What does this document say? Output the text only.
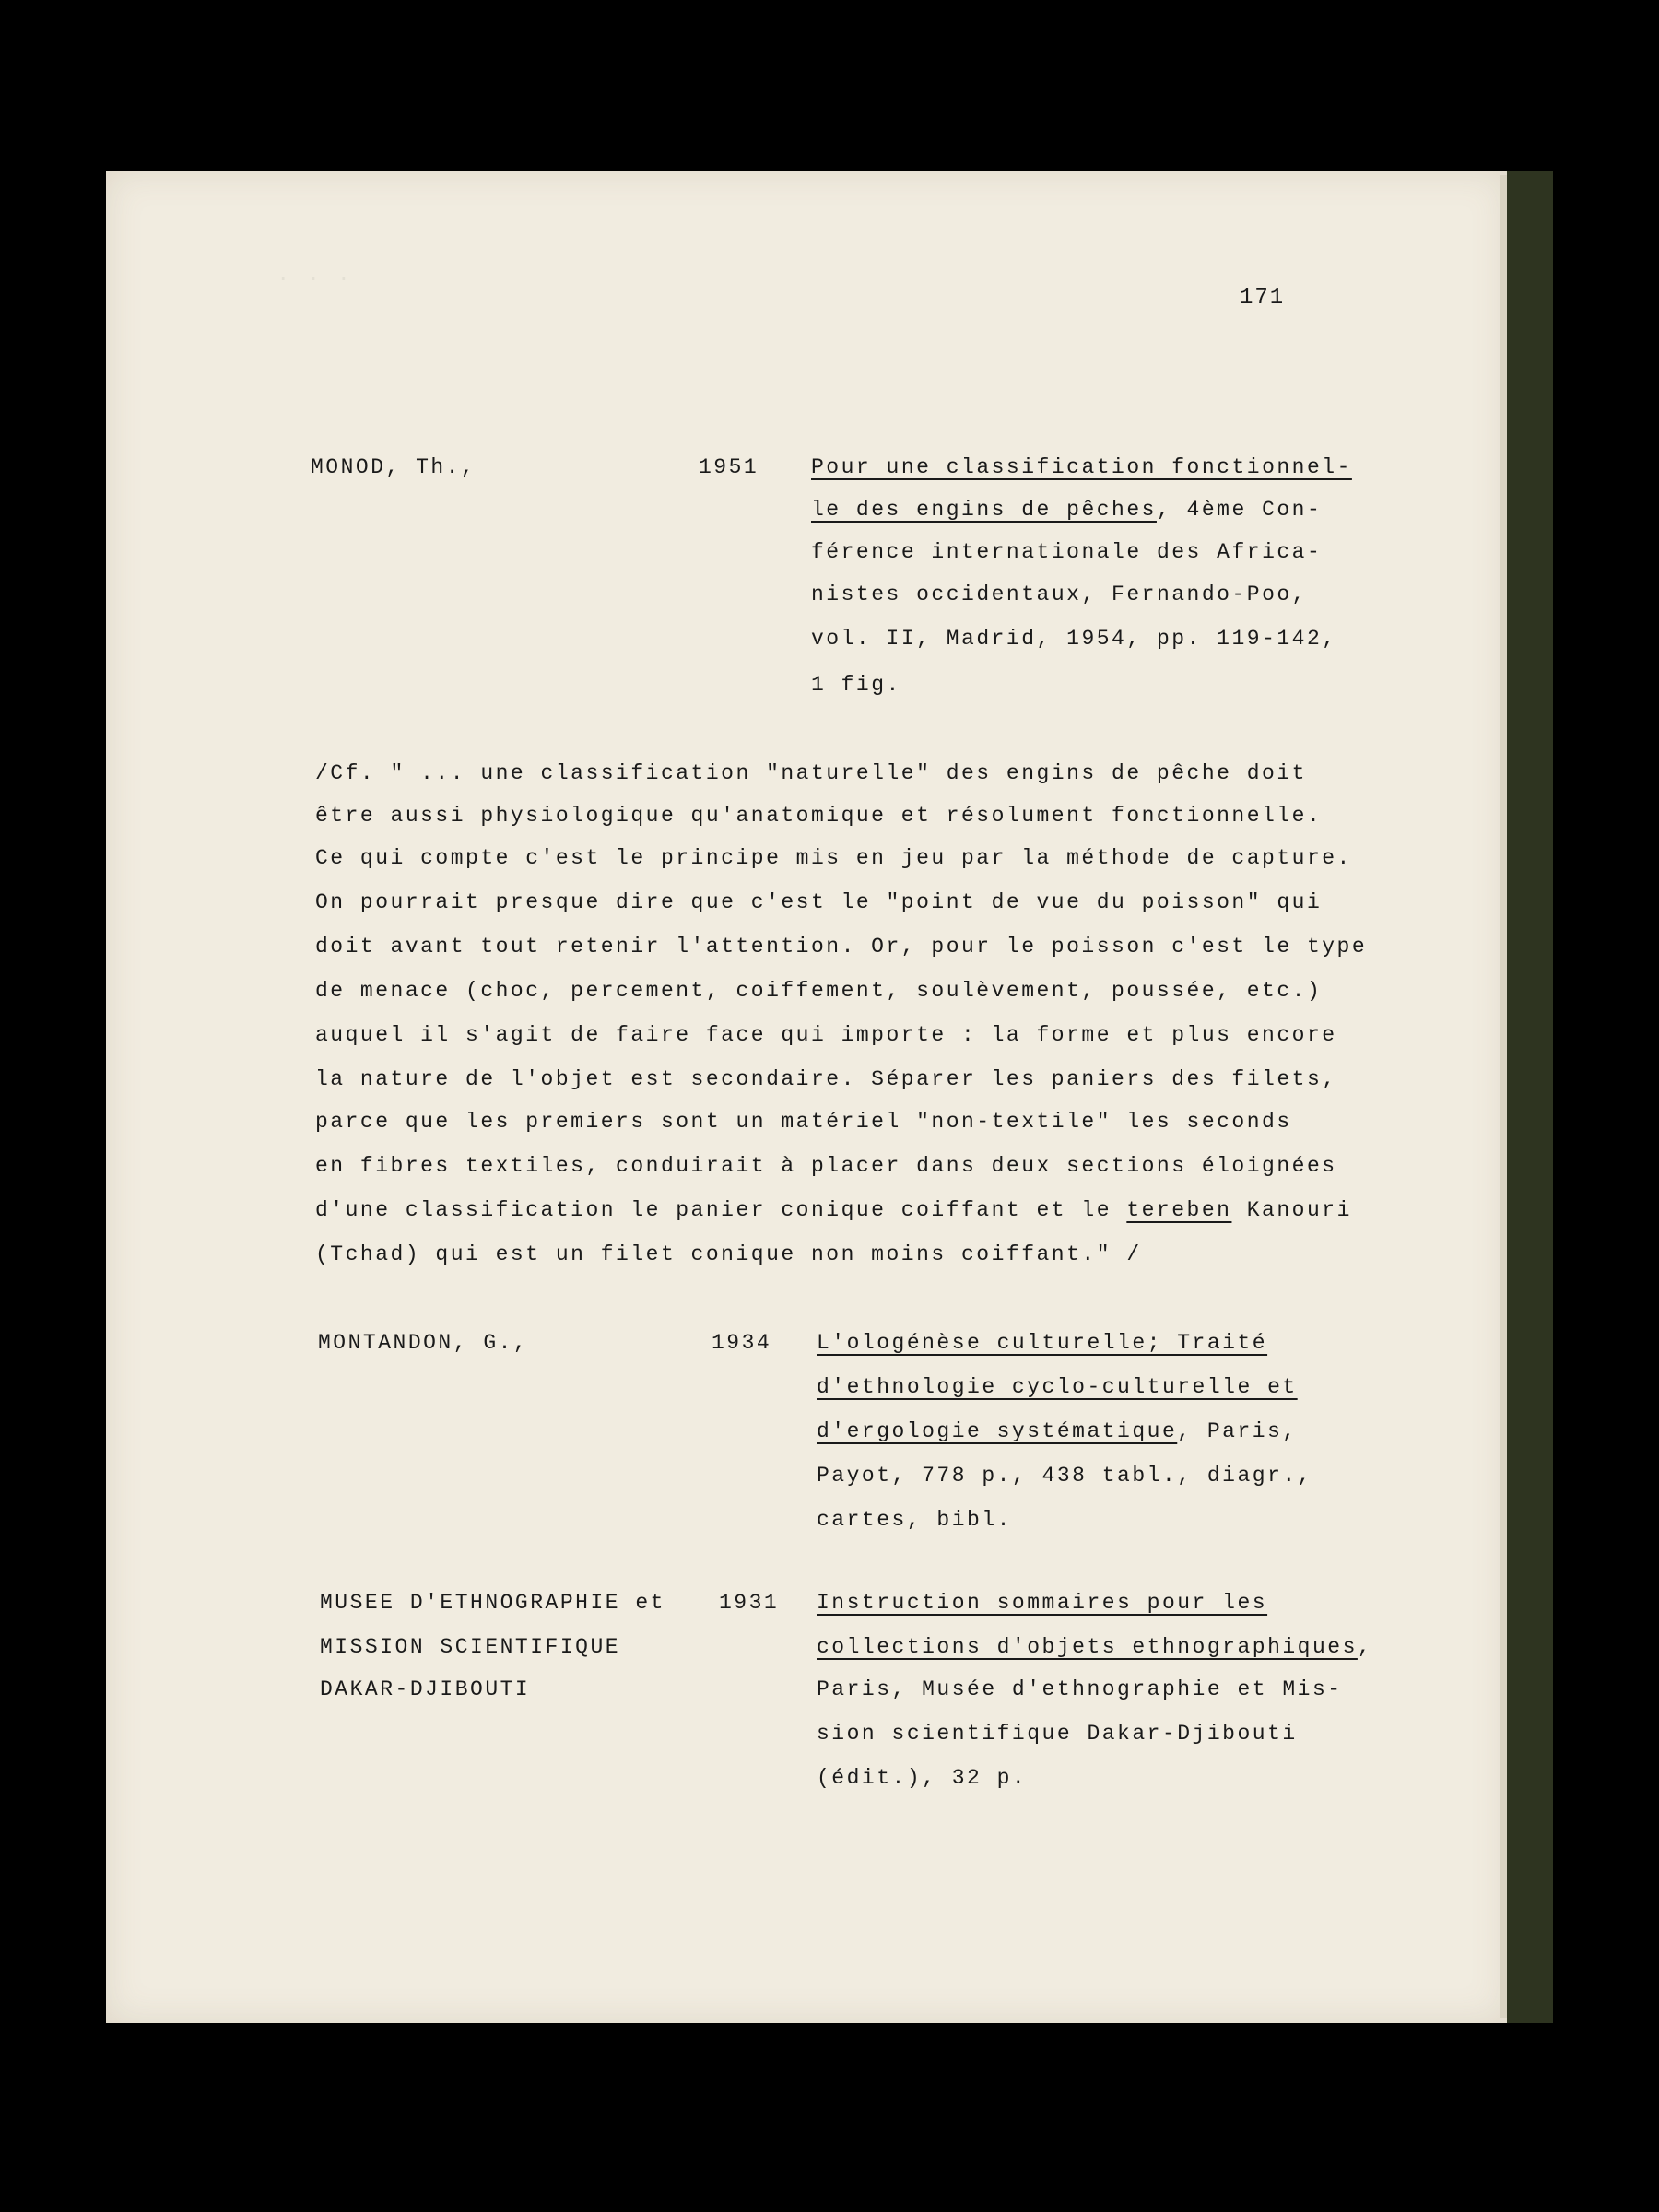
· · ·
171
MONOD, Th.,	1951 Pour une classification fonctionnel-
le des engins de pêches, 4ème Con-
férence internationale des Africa-
nistes occidentaux, Fernando-Poo,
vol. II, Madrid, 1954, pp. 119-142,
1 fig.
/Cf. " ... une classification "naturelle" des engins de pêche doit
être aussi physiologique qu'anatomique et résolument fonctionnelle.
Ce qui compte c'est le principe mis en jeu par la méthode de capture.
On pourrait presque dire que c'est le "point de vue du poisson" qui
doit avant tout retenir l'attention. Or, pour le poisson c'est le type
de menace (choc, percement, coiffement, soulèvement, poussée, etc.)
auquel il s'agit de faire face qui importe : la forme et plus encore
la nature de l'objet est secondaire. Séparer les paniers des filets,
parce que les premiers sont un matériel "non-textile" les seconds
en fibres textiles, conduirait à placer dans deux sections éloignées
d'une classification le panier conique coiffant et le tereben Kanouri
(Tchad) qui est un filet conique non moins coiffant." /
MONTANDON, G.,	1934 L'ologénèse culturelle; Traité
d'ethnologie cyclo-culturelle et
d'ergologie systématique, Paris,
Payot, 778 p., 438 tabl., diagr.,
cartes, bibl.
MUSEE D'ETHNOGRAPHIE et
MISSION SCIENTIFIQUE
DAKAR-DJIBOUTI
1931 Instruction sommaires pour les
collections d'objets ethnographiques,
Paris, Musée d'ethnographie et Mis-
sion scientifique Dakar-Djibouti
(édit.), 32 p.
